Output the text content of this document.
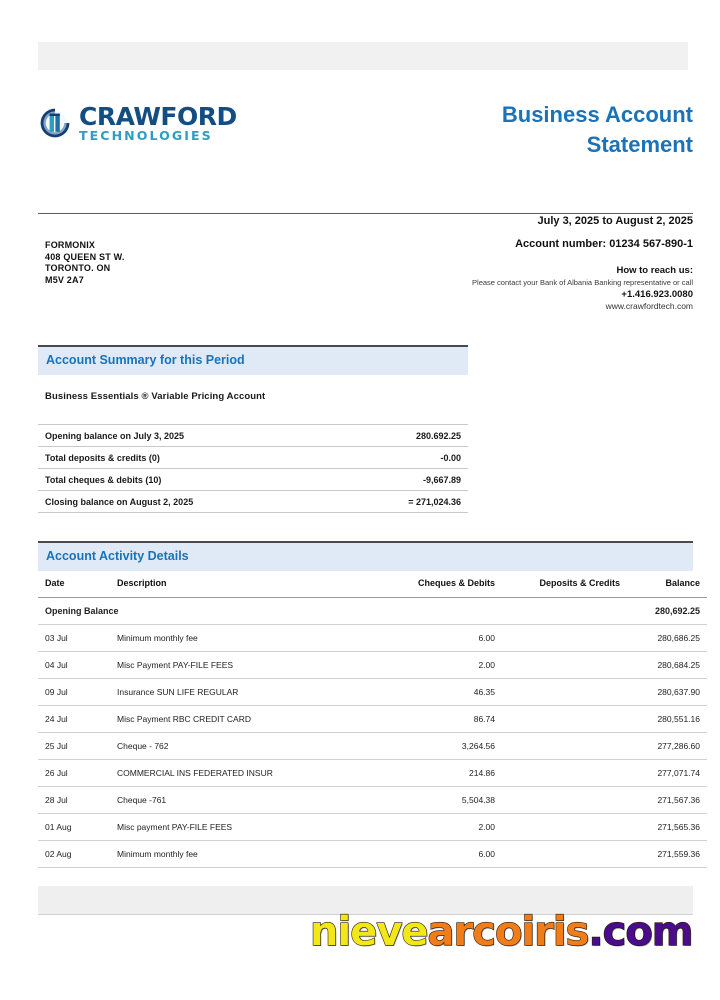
CRAWFORD
TECHNOLOGIES
Business Account
Statement
FORMONIX
408 QUEEN ST W.
TORONTO. ON
M5V 2A7
July 3, 2025 to August 2, 2025
Account number: 01234 567-890-1
How to reach us:
Please contact your Bank of Albania Banking representative or call
+1.416.923.0080
www.crawfordtech.com
Account Summary for this Period
Business Essentials ® Variable Pricing Account
Opening balance on July 3, 2025	280.692.25
Total deposits & credits (0)	-0.00
Total cheques & debits (10)	-9,667.89
Closing balance on August 2, 2025	= 271,024.36
Account Activity Details
Date	Description	Cheques & Debits	Deposits & Credits	Balance
Opening Balance				280,692.25
03 Jul	Minimum monthly fee	6.00		280,686.25
04 Jul	Misc Payment PAY-FILE FEES	2.00		280,684.25
09 Jul	Insurance SUN LIFE REGULAR	46.35		280,637.90
24 Jul	Misc Payment RBC CREDIT CARD	86.74		280,551.16
25 Jul	Cheque - 762	3,264.56		277,286.60
26 Jul	COMMERCIAL INS FEDERATED INSUR	214.86		277,071.74
28 Jul	Cheque -761	5,504.38		271,567.36
01 Aug	Misc payment PAY-FILE FEES	2.00		271,565.36
02 Aug	Minimum monthly fee	6.00		271,559.36
nievearcoiris.com
